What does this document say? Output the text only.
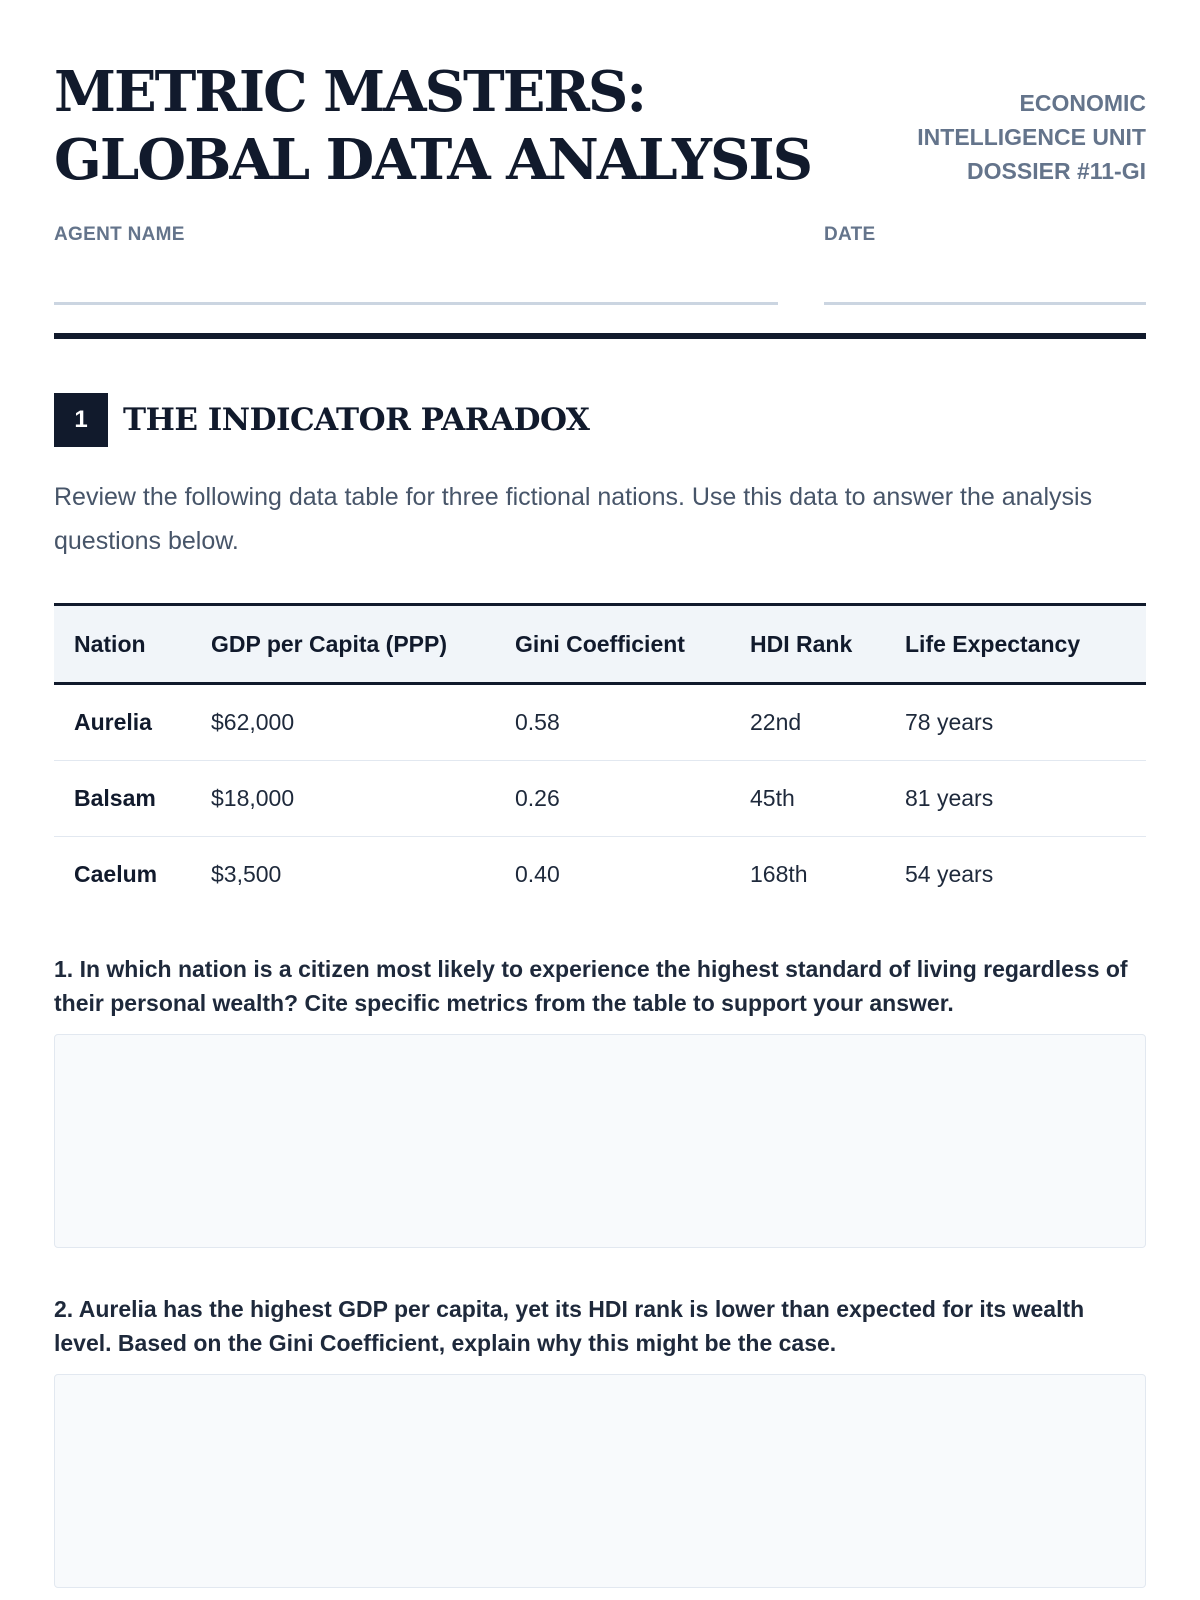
METRIC MASTERS: GLOBAL DATA ANALYSIS
ECONOMIC
INTELLIGENCE UNIT
DOSSIER #11-GI
AGENT NAME	DATE
1	THE INDICATOR PARADOX
Review the following data table for three fictional nations. Use this data to answer the analysis questions below.
Nation	GDP per Capita (PPP)	Gini Coefficient	HDI Rank	Life Expectancy
Aurelia	$62,000	0.58	22nd	78 years
Balsam	$18,000	0.26	45th	81 years
Caelum	$3,500	0.40	168th	54 years
1. In which nation is a citizen most likely to experience the highest standard of living regardless of their personal wealth? Cite specific metrics from the table to support your answer.
2. Aurelia has the highest GDP per capita, yet its HDI rank is lower than expected for its wealth level. Based on the Gini Coefficient, explain why this might be the case.
